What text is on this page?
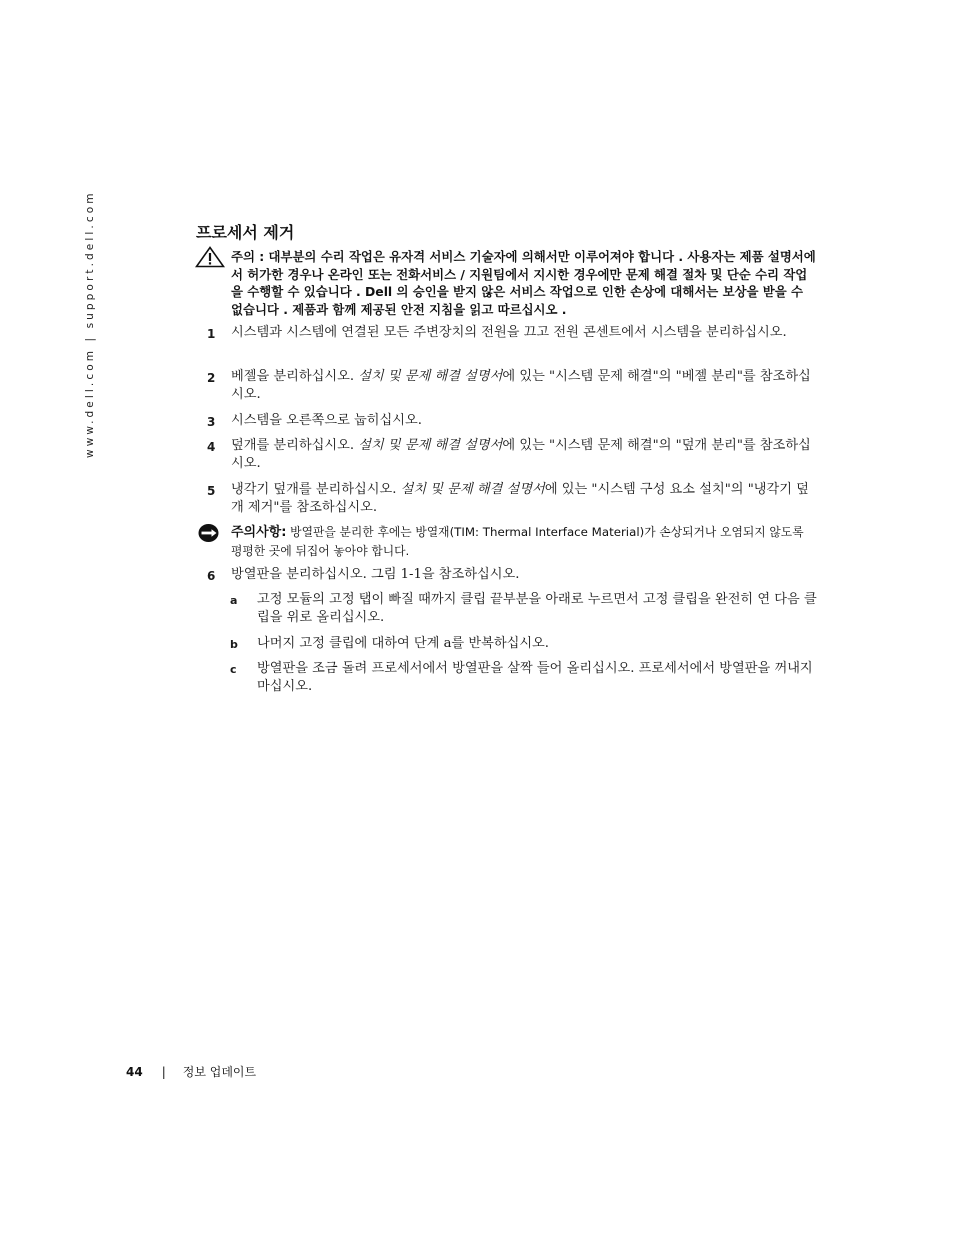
www.dell.com | support.dell.com	프로세서 제거
주의 : 대부분의 수리 작업은 유자격 서비스 기술자에 의해서만 이루어져야 합니다 . 사용자는 제품 설명서에서 허가한 경우나 온라인 또는 전화서비스 / 지원팀에서 지시한 경우에만 문제 해결 절차 및 단순 수리 작업을 수행할 수 있습니다 . Dell 의 승인을 받지 않은 서비스 작업으로 인한 손상에 대해서는 보상을 받을 수 없습니다 . 제품과 함께 제공된 안전 지침을 읽고 따르십시오 .
1 시스템과 시스템에 연결된 모든 주변장치의 전원을 끄고 전원 콘센트에서 시스템을 분리하십시오.
2 베젤을 분리하십시오. 설치 및 문제 해결 설명서에 있는 "시스템 문제 해결"의 "베젤 분리"를 참조하십시오.
3 시스템을 오른쪽으로 눕히십시오.
4 덮개를 분리하십시오. 설치 및 문제 해결 설명서에 있는 "시스템 문제 해결"의 "덮개 분리"를 참조하십시오.
5 냉각기 덮개를 분리하십시오. 설치 및 문제 해결 설명서에 있는 "시스템 구성 요소 설치"의 "냉각기 덮개 제거"를 참조하십시오.
주의사항: 방열판을 분리한 후에는 방열재(TIM: Thermal Interface Material)가 손상되거나 오염되지 않도록 평평한 곳에 뒤집어 놓아야 합니다.
6 방열판을 분리하십시오. 그림 1-1을 참조하십시오.
a 고정 모듈의 고정 탭이 빠질 때까지 클립 끝부분을 아래로 누르면서 고정 클립을 완전히 연 다음 클립을 위로 올리십시오.
b 나머지 고정 클립에 대하여 단계 a를 반복하십시오.
c 방열판을 조금 돌려 프로세서에서 방열판을 살짝 들어 올리십시오. 프로세서에서 방열판을 꺼내지 마십시오.
44 | 정보 업데이트
